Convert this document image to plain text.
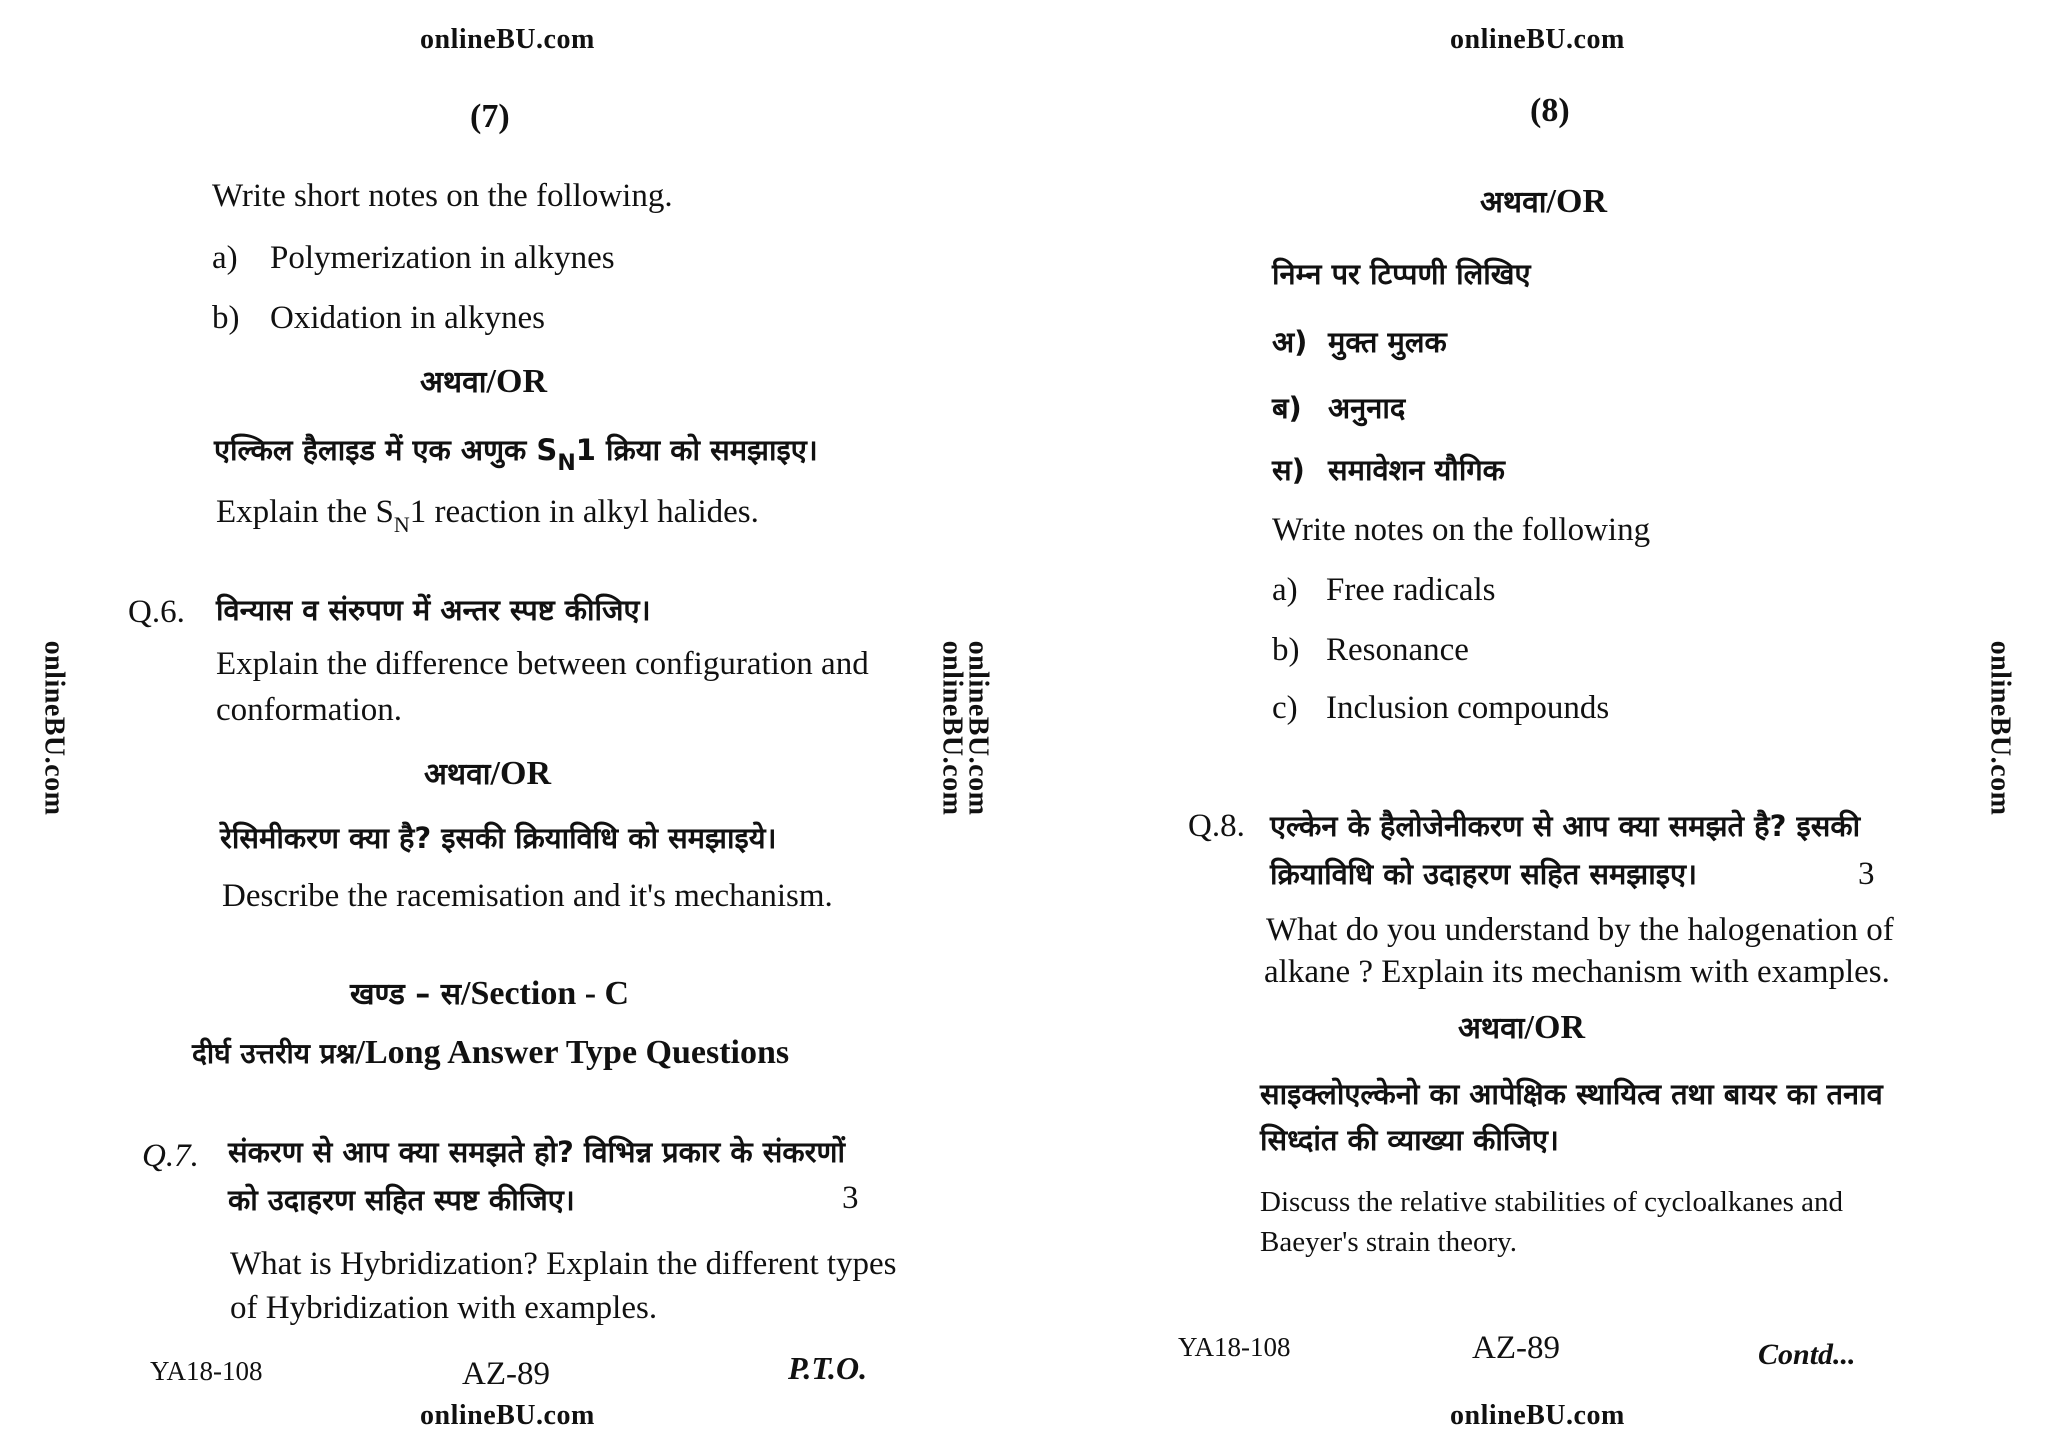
onlineBU.com
(7)
Write short notes on the following.
a) Polymerization in alkynes
b) Oxidation in alkynes
अथवा/OR
एल्किल हैलाइड में एक अणुक $S_N1$ क्रिया को समझाइए।
Explain the $S_N1$ reaction in alkyl halides.
Q.6. विन्यास व संरुपण में अन्तर स्पष्ट कीजिए।
Explain the difference between configuration and
conformation.
अथवा/OR
रेसिमीकरण क्या है? इसकी क्रियाविधि को समझाइये।
Describe the racemisation and it's mechanism.
खण्ड – स/Section - C
दीर्घ उत्तरीय प्रश्न/Long Answer Type Questions
Q.7. संकरण से आप क्या समझते हो? विभिन्न प्रकार के संकरणों
को उदाहरण सहित स्पष्ट कीजिए।	3
What is Hybridization? Explain the different types
of Hybridization with examples.
YA18-108	AZ-89	P.T.O.
onlineBU.com
onlineBU.com	onlineBU.com
onlineBU.com	onlineBU.com
onlineBU.com
(8)
अथवा/OR
निम्न पर टिप्पणी लिखिए
अ) मुक्त मुलक
ब) अनुनाद
स) समावेशन यौगिक
Write notes on the following
a) Free radicals
b) Resonance
c) Inclusion compounds
Q.8. एल्केन के हैलोजेनीकरण से आप क्या समझते है? इसकी
क्रियाविधि को उदाहरण सहित समझाइए।	3
What do you understand by the halogenation of
alkane ? Explain its mechanism with examples.
अथवा/OR
साइक्लोएल्केनो का आपेक्षिक स्थायित्व तथा बायर का तनाव
सिध्दांत की व्याख्या कीजिए।
Discuss the relative stabilities of cycloalkanes and
Baeyer's strain theory.
YA18-108	AZ-89	Contd...
onlineBU.com
